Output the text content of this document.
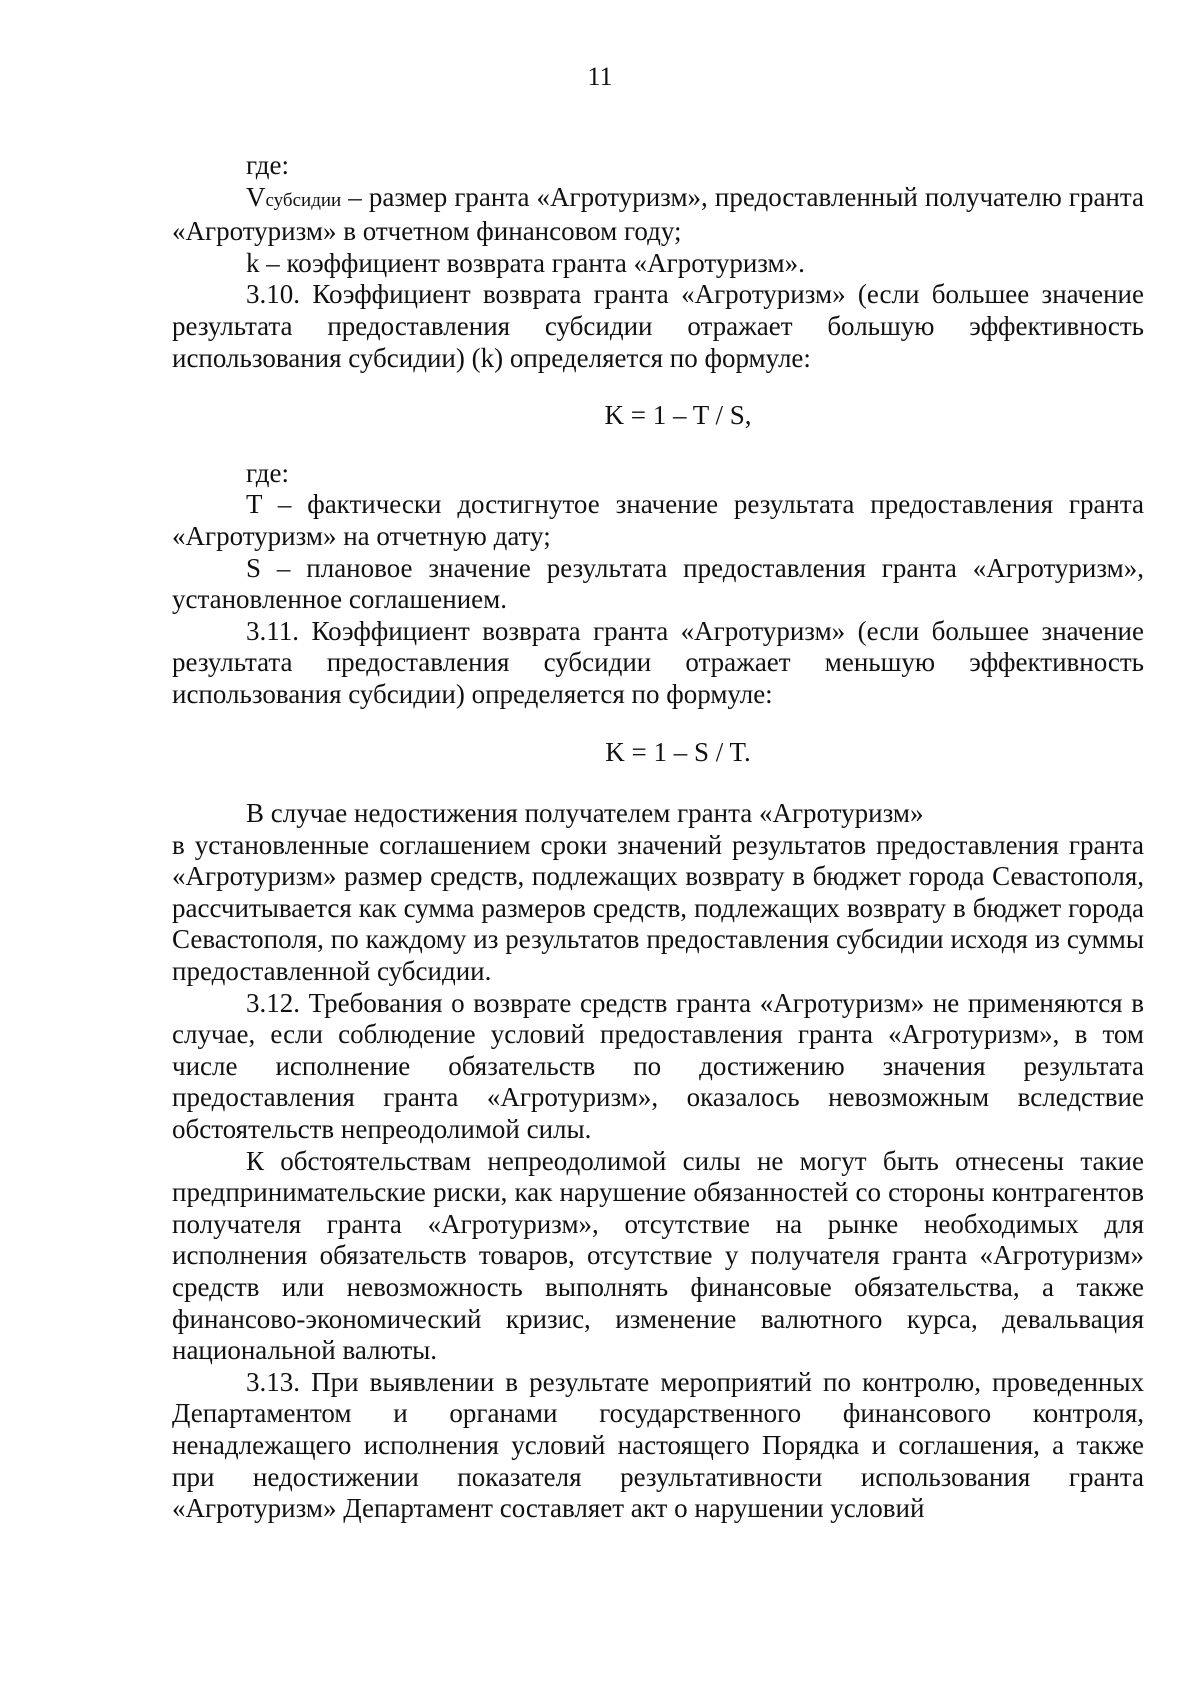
11

где:

Vсубсидии – размер гранта «Агротуризм», предоставленный получателю гранта «Агротуризм» в отчетном финансовом году;

k – коэффициент возврата гранта «Агротуризм».

3.10. Коэффициент возврата гранта «Агротуризм» (если большее значение результата предоставления субсидии отражает большую эффективность использования субсидии) (k) определяется по формуле:

K = 1 – T / S,

где:

T – фактически достигнутое значение результата предоставления гранта «Агротуризм» на отчетную дату;

S – плановое значение результата предоставления гранта «Агротуризм», установленное соглашением.

3.11. Коэффициент возврата гранта «Агротуризм» (если большее значение результата предоставления субсидии отражает меньшую эффективность использования субсидии) определяется по формуле:

K = 1 – S / T.

В случае недостижения получателем гранта «Агротуризм»

в установленные соглашением сроки значений результатов предоставления гранта «Агротуризм» размер средств, подлежащих возврату в бюджет города Севастополя, рассчитывается как сумма размеров средств, подлежащих возврату в бюджет города Севастополя, по каждому из результатов предоставления субсидии исходя из суммы предоставленной субсидии.

3.12. Требования о возврате средств гранта «Агротуризм» не применяются в случае, если соблюдение условий предоставления гранта «Агротуризм», в том числе исполнение обязательств по достижению значения результата предоставления гранта «Агротуризм», оказалось невозможным вследствие обстоятельств непреодолимой силы.

К обстоятельствам непреодолимой силы не могут быть отнесены такие предпринимательские риски, как нарушение обязанностей со стороны контрагентов получателя гранта «Агротуризм», отсутствие на рынке необходимых для исполнения обязательств товаров, отсутствие у получателя гранта «Агротуризм» средств или невозможность выполнять финансовые обязательства, а также финансово-экономический кризис, изменение валютного курса, девальвация национальной валюты.

3.13. При выявлении в результате мероприятий по контролю, проведенных Департаментом и органами государственного финансового контроля, ненадлежащего исполнения условий настоящего Порядка и соглашения, а также при недостижении показателя результативности использования гранта «Агротуризм» Департамент составляет акт о нарушении условий
